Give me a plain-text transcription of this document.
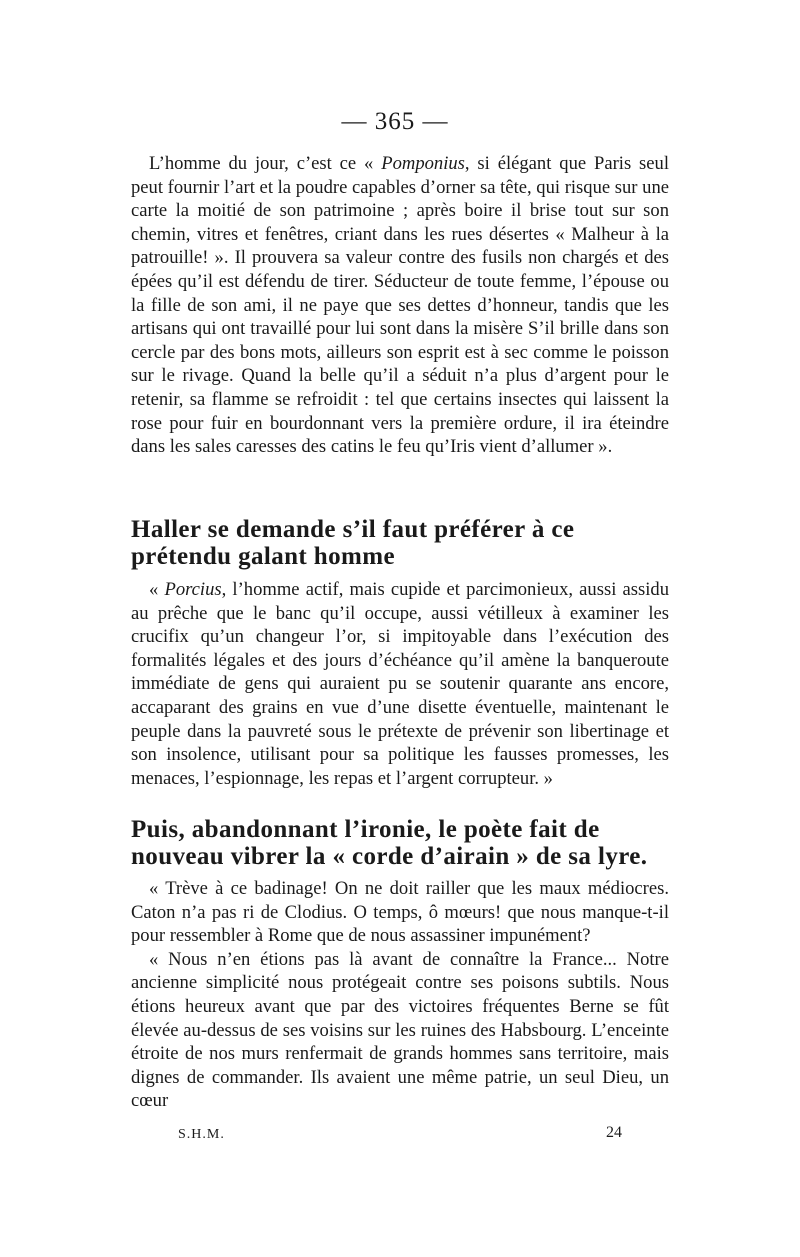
— 365 —

L’homme du jour, c’est ce « Pomponius, si élégant que Paris seul peut fournir l’art et la poudre capables d’orner sa tête, qui risque sur une carte la moitié de son patrimoine ; après boire il brise tout sur son chemin, vitres et fenêtres, criant dans les rues désertes « Malheur à la patrouille! ». Il prouvera sa valeur contre des fusils non chargés et des épées qu’il est défendu de tirer. Séducteur de toute femme, l’épouse ou la fille de son ami, il ne paye que ses dettes d’honneur, tandis que les artisans qui ont travaillé pour lui sont dans la misère S’il brille dans son cercle par des bons mots, ailleurs son esprit est à sec comme le poisson sur le rivage. Quand la belle qu’il a séduit n’a plus d’argent pour le retenir, sa flamme se refroidit : tel que certains insectes qui laissent la rose pour fuir en bourdonnant vers la première ordure, il ira éteindre dans les sales caresses des catins le feu qu’Iris vient d’allumer ».

Haller se demande s’il faut préférer à ce prétendu galant homme

« Porcius, l’homme actif, mais cupide et parcimonieux, aussi assidu au prêche que le banc qu’il occupe, aussi vétilleux à examiner les crucifix qu’un changeur l’or, si impitoyable dans l’exécution des formalités légales et des jours d’échéance qu’il amène la banqueroute immédiate de gens qui auraient pu se soutenir quarante ans encore, accaparant des grains en vue d’une disette éventuelle, maintenant le peuple dans la pauvreté sous le prétexte de prévenir son libertinage et son insolence, utilisant pour sa politique les fausses promesses, les menaces, l’espionnage, les repas et l’argent corrupteur. »

Puis, abandonnant l’ironie, le poète fait de nouveau vibrer la « corde d’airain » de sa lyre.

« Trève à ce badinage! On ne doit railler que les maux médiocres. Caton n’a pas ri de Clodius. O temps, ô mœurs! que nous manque-t-il pour ressembler à Rome que de nous assassiner impunément?

« Nous n’en étions pas là avant de connaître la France... Notre ancienne simplicité nous protégeait contre ses poisons subtils. Nous étions heureux avant que par des victoires fréquentes Berne se fût élevée au-dessus de ses voisins sur les ruines des Habsbourg. L’enceinte étroite de nos murs renfermait de grands hommes sans territoire, mais dignes de commander. Ils avaient une même patrie, un seul Dieu, un cœur

S.H.M.	24
